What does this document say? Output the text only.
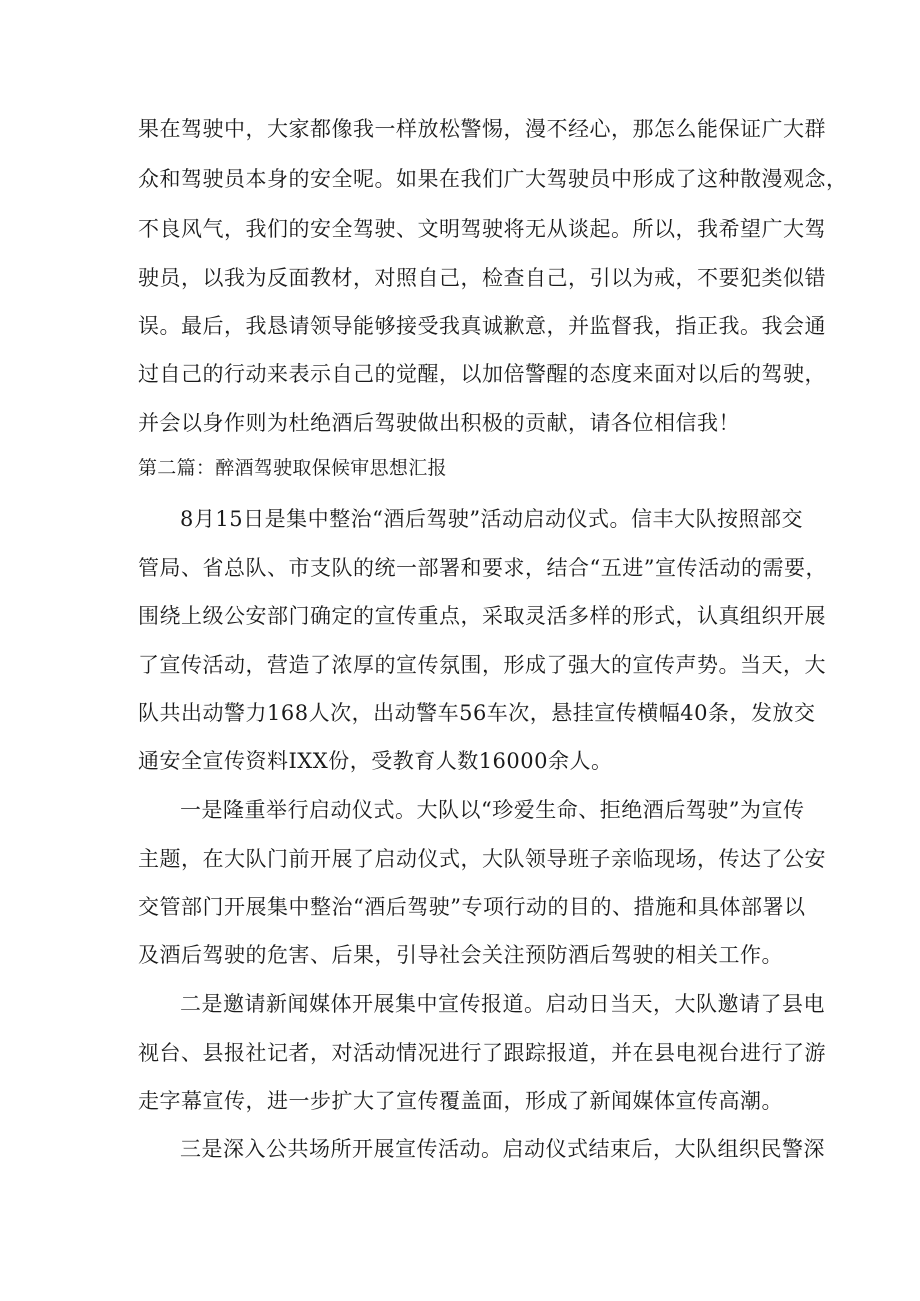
果在驾驶中，大家都像我一样放松警惕，漫不经心，那怎么能保证广大群
众和驾驶员本身的安全呢。如果在我们广大驾驶员中形成了这种散漫观念，
不良风气，我们的安全驾驶、文明驾驶将无从谈起。所以，我希望广大驾
驶员，以我为反面教材，对照自己，检查自己，引以为戒，不要犯类似错
误。最后，我恳请领导能够接受我真诚歉意，并监督我，指正我。我会通
过自己的行动来表示自己的觉醒，以加倍警醒的态度来面对以后的驾驶，
并会以身作则为杜绝酒后驾驶做出积极的贡献，请各位相信我！
第二篇：醉酒驾驶取保候审思想汇报
8月15日是集中整治“酒后驾驶”活动启动仪式。信丰大队按照部交
管局、省总队、市支队的统一部署和要求，结合“五进”宣传活动的需要，
围绕上级公安部门确定的宣传重点，采取灵活多样的形式，认真组织开展
了宣传活动，营造了浓厚的宣传氛围，形成了强大的宣传声势。当天，大
队共出动警力168人次，出动警车56车次，悬挂宣传横幅40条，发放交
通安全宣传资料IXX份，受教育人数16000余人。
一是隆重举行启动仪式。大队以“珍爱生命、拒绝酒后驾驶”为宣传
主题，在大队门前开展了启动仪式，大队领导班子亲临现场，传达了公安
交管部门开展集中整治“酒后驾驶”专项行动的目的、措施和具体部署以
及酒后驾驶的危害、后果，引导社会关注预防酒后驾驶的相关工作。
二是邀请新闻媒体开展集中宣传报道。启动日当天，大队邀请了县电
视台、县报社记者，对活动情况进行了跟踪报道，并在县电视台进行了游
走字幕宣传，进一步扩大了宣传覆盖面，形成了新闻媒体宣传高潮。
三是深入公共场所开展宣传活动。启动仪式结束后，大队组织民警深
